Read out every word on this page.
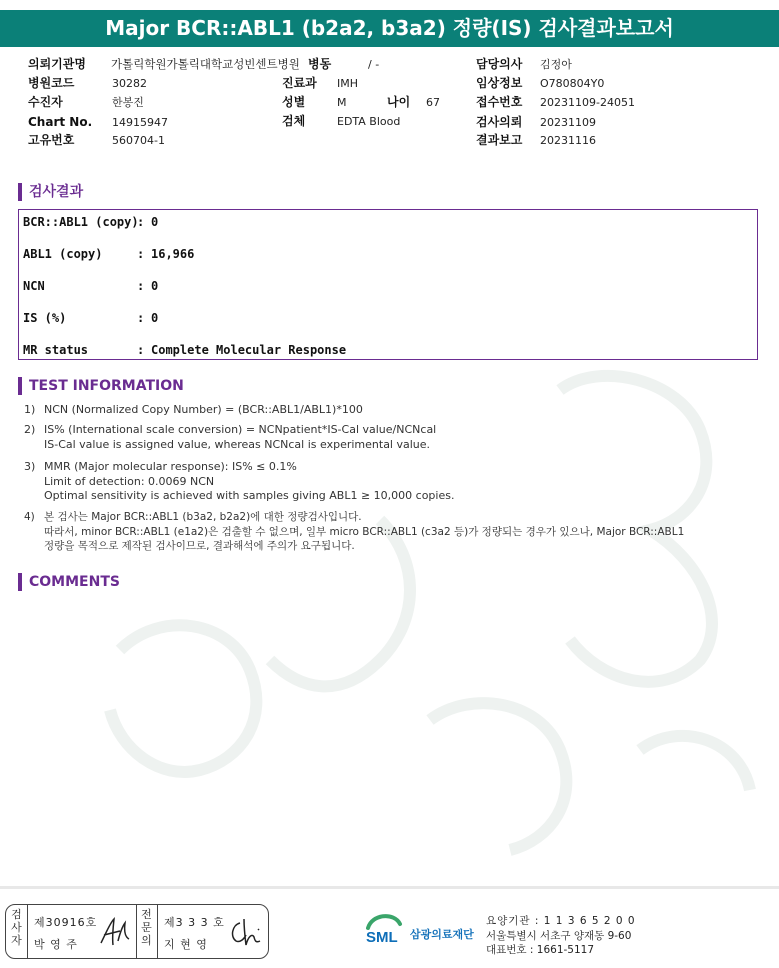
Major BCR::ABL1 (b2a2, b3a2) 정량(IS) 검사결과보고서
의뢰기관명 가톨릭학원가톨릭대학교성빈센트병원 병동	/ -	담당의사 김정아
병원코드	30282	진료과 IMH	임상정보 O780804Y0
수진자	한봉진	성별	M	나이 67	접수번호 20231109-24051
Chart No. 14915947	검체	EDTA Blood	검사의뢰 20231109
고유번호	560704-1	결과보고 20231116
검사결과
BCR::ABL1 (copy): 0
ABL1 (copy)	: 16,966
NCN	: 0
IS (%)	: 0
MR status	: Complete Molecular Response
TEST INFORMATION
1) NCN (Normalized Copy Number) = (BCR::ABL1/ABL1)*100
2) IS% (International scale conversion) = NCNpatient*IS-Cal value/NCNcal
IS-Cal value is assigned value, whereas NCNcal is experimental value.
3) MMR (Major molecular response): IS% ≤ 0.1%
Limit of detection: 0.0069 NCN
Optimal sensitivity is achieved with samples giving ABL1 ≥ 10,000 copies.
4) 본 검사는 Major BCR::ABL1 (b3a2, b2a2)에 대한 정량검사입니다.
따라서, minor BCR::ABL1 (e1a2)은 검출할 수 없으며, 일부 micro BCR::ABL1 (c3a2 등)가 정량되는 경우가 있으나, Major BCR::ABL1
정량을 목적으로 제작된 검사이므로, 결과해석에 주의가 요구됩니다.
COMMENTS
검사자
제30916호
박 영 주
전문의
제3 3 3 호
지 현 영	SML 삼광의료재단
요양기관 : 1 1 3 6 5 2 0 0
서울특별시 서초구 양재동 9-60
대표번호 : 1661-5117
